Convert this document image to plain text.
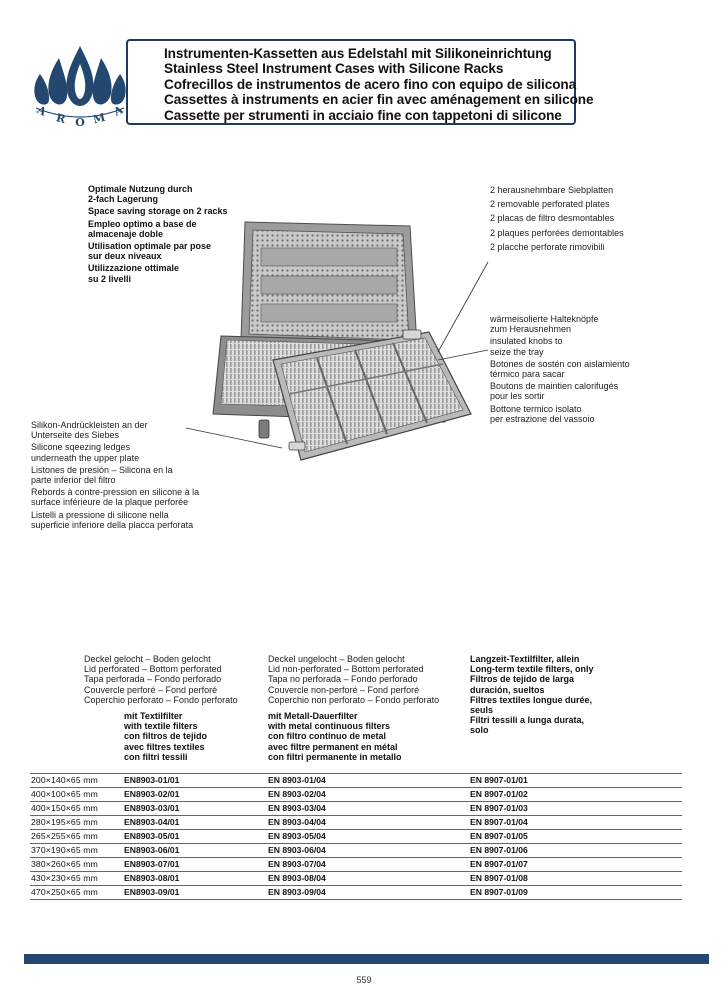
A R O M A
Instrumenten-Kassetten aus Edelstahl mit Silikoneinrichtung
Stainless Steel Instrument Cases with Silicone Racks
Cofrecillos de instrumentos de acero fino con equipo de silicona
Cassettes à instruments en acier fin avec aménagement en silicone
Cassette per strumenti in acciaio fine con tappetoni di silicone
Optimale Nutzung durch
2-fach Lagerung
Space saving storage on 2 racks
Empleo optimo a base de
almacenaje doble
Utilisation optimale par pose
sur deux niveaux
Utilizzazione ottimale
su 2 livelli
2 herausnehmbare Siebplatten
2 removable perforated plates
2 placas de filtro desmontables
2 plaques perforées demontables
2 placche perforate rimovibili
wärmeisolierte Halteknöpfe
zum Herausnehmen
insulated knobs to
seize the tray
Botones de sostén con aislamiento
térmico para sacar
Boutons de maintien calorifugés
pour les sortir
Bottone termico isolato
per estrazione del vassoio
Silikon-Andrückleisten an der
Unterseite des Siebes
Silicone sqeezing ledges
underneath the upper plate
Listones de presión – Silicona en la
parte inferior del filtro
Rebords à contre-pression en silicone à la
surface inférieure de la plaque perforée
Listelli a pressione di silicone nella
superficie inferiore della placca perforata
Deckel gelocht – Boden gelocht
Lid perforated – Bottom perforated
Tapa perforada – Fondo perforado
Couvercle perforé – Fond perforé
Coperchio perforato – Fondo perforato
mit Textilfilter
with textile filters
con filtros de tejido
avec filtres textiles
con filtri tessili
Deckel ungelocht – Boden gelocht
Lid non-perforated – Bottom perforated
Tapa no perforada – Fondo perforado
Couvercle non-perforé – Fond perforé
Coperchio non perforato – Fondo perforato
mit Metall-Dauerfilter
with metal continuous filters
con filtro continuo de metal
avec filtre permanent en métal
con filtri permanente in metallo
Langzeit-Textilfilter, allein
Long-term textile filters, only
Filtros de tejido de larga
duración, sueltos
Filtres textiles longue durée,
seuls
Filtri tessili a lunga durata,
solo
200×140×65 mm	EN8903-01/01	EN 8903-01/04	EN 8907-01/01
400×100×65 mm	EN8903-02/01	EN 8903-02/04	EN 8907-01/02
400×150×65 mm	EN8903-03/01	EN 8903-03/04	EN 8907-01/03
280×195×65 mm	EN8903-04/01	EN 8903-04/04	EN 8907-01/04
265×255×65 mm	EN8903-05/01	EN 8903-05/04	EN 8907-01/05
370×190×65 mm	EN8903-06/01	EN 8903-06/04	EN 8907-01/06
380×260×65 mm	EN8903-07/01	EN 8903-07/04	EN 8907-01/07
430×230×65 mm	EN8903-08/01	EN 8903-08/04	EN 8907-01/08
470×250×65 mm	EN8903-09/01	EN 8903-09/04	EN 8907-01/09
559
